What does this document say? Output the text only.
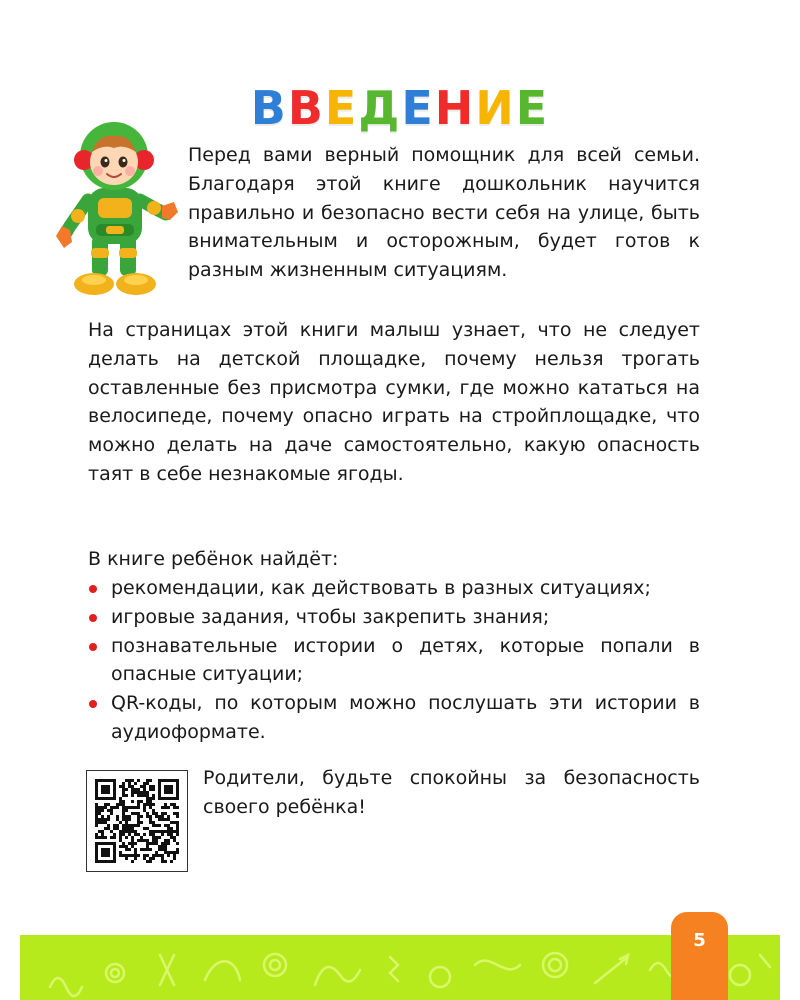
ВВЕДЕНИЕ

Перед вами верный помощник для всей семьи. Благодаря этой книге дошкольник научится правильно и безопасно вести себя на улице, быть внимательным и осторожным, будет готов к разным жизненным ситуациям.

На страницах этой книги малыш узнает, что не следует делать на детской площадке, почему нельзя трогать оставленные без присмотра сумки, где можно кататься на велосипеде, почему опасно играть на стройплощадке, что можно делать на даче самостоятельно, какую опасность таят в себе незнакомые ягоды.

В книге ребёнок найдёт:

рекомендации, как действовать в разных ситуациях;
игровые задания, чтобы закрепить знания;
познавательные истории о детях, которые попали в опасные ситуации;
QR-коды, по которым можно послушать эти истории в аудиоформате.

Родители, будьте спокойны за безопасность своего ребёнка!

5
